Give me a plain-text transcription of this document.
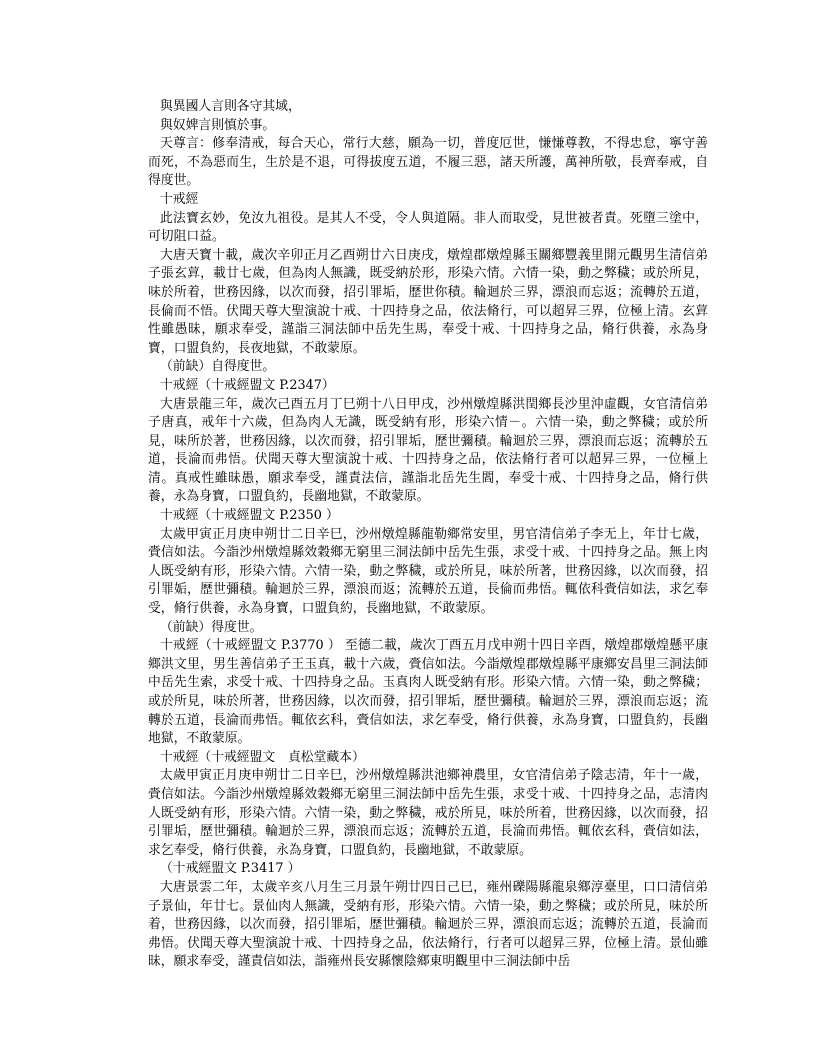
與異國人言則各守其域，

與奴婢言則慎於事。

天尊言：修奉清戒，每合天心，常行大慈，願為一切，普度厄世，慊慊尊教，不得忠怠，寧守善而死，不為惡而生，生於是不退，可得拔度五道，不履三惡，諸天所護，萬神所敬，長齊奉戒，自得度世。

十戒經

此法寶玄妙，免汝九祖役。是其人不受，令人與道隔。非人而取受，見世被者責。死墮三塗中，可切阻口益。

大唐天寶十載，歲次辛卯正月乙酉朔廿六日庚戌，燉煌郡燉煌縣玉關鄉豐義里開元觀男生清信弟子張玄𦽹，載廿七歲，但為肉人無識，既受納於形，形染六情。六情一染，動之弊穢；或於所見，味於所着，世務因緣，以次而發，招引罪垢，歷世你積。輪迴於三界，漂浪而忘返；流轉於五道，長倫而不悟。伏聞天尊大聖演說十戒、十四持身之品，依法脩行，可以超昇三界，位極上清。玄𦽹性雖愚昧，願求奉受，謹詣三洞法師中岳先生馬，奉受十戒、十四持身之品，脩行供養，永為身寶，口盟負約，長夜地獄，不敢蒙原。

（前缺）自得度世。

十戒經（十戒經盟文 P.2347）

大唐景龍三年，歲次己酉五月丁巳朔十八日甲戌，沙州燉煌縣洪閏鄉長沙里沖虛觀，女官清信弟子唐真，戒年十六歲，但為肉人无識，既受納有形，形染六情－。六情一染，動之弊穢；或於所見，味所於著，世務因緣，以次而發，招引罪垢，歷世彌積。輪迴於三界，漂浪而忘返；流轉於五道，長淪而弗悟。伏聞天尊大聖演說十戒、十四持身之品，依法脩行者可以超昇三界，一位極上清。真戒性雖昧愚，願求奉受，謹責法信，謹詣北岳先生閻，奉受十戒、十四持身之品，脩行供養，永為身寶，口盟負約，長幽地獄，不敢蒙原。

十戒經（十戒經盟文 P.2350 ）

太歲甲寅正月庚申朔廿二日辛巳，沙州燉煌縣龍勒鄉常安里，男官清信弟子李无上，年廿七歲，賫信如法。今詣沙州燉煌縣效穀鄉无窮里三洞法師中岳先生張，求受十戒、十四持身之品。無上肉人既受納有形，形染六情。六情一染，動之弊穢，或於所見，味於所著，世務因緣，以次而發，招引罪姤，歷世彌積。輪迴於三界，漂浪而返；流轉於五道，長倫而弗悟。輒依科賫信如法，求乞奉受，脩行供養，永為身寶，口盟負約，長幽地獄，不敢蒙原。

（前缺）得度世。

十戒經（十戒經盟文 P.3770 ） 至德二載，歲次丁酉五月戊申朔十四日辛酉，燉煌郡燉煌懸平康鄉洪文里，男生善信弟子王玉真，載十六歲，賫信如法。今詣燉煌郡燉煌縣平康鄉安昌里三洞法師中岳先生索，求受十戒、十四持身之品。玉真肉人既受納有形。形染六情。六情一染，動之弊穢；或於所見，味於所著，世務因緣，以次而發，招引罪垢，歷世彌積。輪迴於三界，漂浪而忘返；流轉於五道，長淪而弗悟。輒依玄科，賫信如法，求乞奉受，脩行供養，永為身寶，口盟負約，長幽地獄，不敢蒙原。

十戒經（十戒經盟文　貞松堂藏本）

太歲甲寅正月庚申朔廿二日辛巳，沙州燉煌縣洪池鄉神農里，女官清信弟子陰志清，年十一歲，賫信如法。今詣沙州燉煌縣效穀鄉无窮里三洞法師中岳先生張，求受十戒、十四持身之品，志清肉人既受納有形，形染六情。六情一染，動之弊穢，戒於所見，味於所着，世務因緣，以次而發，招引罪垢，歷世彌積。輪迴於三界，漂浪而忘返；流轉於五道，長淪而弗悟。輒依玄科，賫信如法，求乞奉受，脩行供養，永為身寶，口盟負約，長幽地獄，不敢蒙原。

（十戒經盟文 P.3417 ）

大唐景雲二年，太歲辛亥八月生三月景午朔廿四日己巳，雍州礫陽縣龍泉鄉淳臺里，口口清信弟子景仙，年廿七。景仙肉人無識，受納有形，形染六情。六情一染，動之弊穢；或於所見，味於所着，世務因緣，以次而發，招引罪垢，歷世彌積。輪迴於三界，漂浪而忘返；流轉於五道，長淪而弗悟。伏聞天尊大聖演說十戒、十四持身之品，依法脩行，行者可以超昇三界，位極上清。景仙雖昧，願求奉受，謹責信如法，詣雍州長安縣懷陰鄉東明觀里中三洞法師中岳
